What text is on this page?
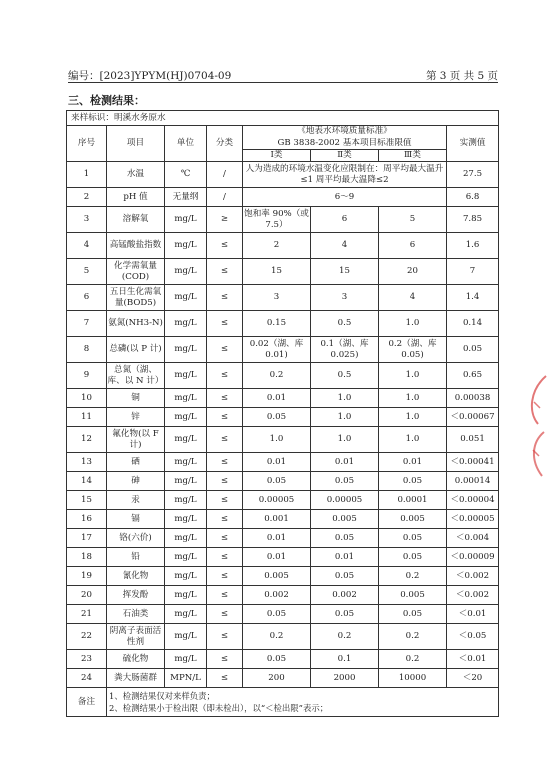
编号：[2023]YPYM(HJ)0704-09	第 3 页 共 5 页
三、检测结果：
来样标识：明溪水务原水							
序号	项目	单位	分类	《地表水环境质量标准》			实测值
				GB 3838-2002 基本项目标准限值			
				Ⅰ类	Ⅱ类	Ⅲ类	
1	水温	℃	/	人为造成的环境水温变化应限制在：周平均最大温升≤1 周平均最大温降≤2			27.5
2	pH 值	无量纲	/	6～9			6.8
3	溶解氧	mg/L	≥	饱和率 90%（或 7.5）	6	5	7.85
4	高锰酸盐指数	mg/L	≤	2	4	6	1.6
5	化学需氧量(COD)	mg/L	≤	15	15	20	7
6	五日生化需氧量(BOD5)	mg/L	≤	3	3	4	1.4
7	氨氮(NH3-N)	mg/L	≤	0.15	0.5	1.0	0.14
8	总磷(以 P 计)	mg/L	≤	0.02（湖、库 0.01)	0.1（湖、库 0.025)	0.2（湖、库 0.05)	0.05
9	总氮（湖、库、以 N 计）	mg/L	≤	0.2	0.5	1.0	0.65
10	铜	mg/L	≤	0.01	1.0	1.0	0.00038
11	锌	mg/L	≤	0.05	1.0	1.0	＜0.00067
12	氟化物(以 F 计)	mg/L	≤	1.0	1.0	1.0	0.051
13	硒	mg/L	≤	0.01	0.01	0.01	＜0.00041
14	砷	mg/L	≤	0.05	0.05	0.05	0.00014
15	汞	mg/L	≤	0.00005	0.00005	0.0001	＜0.00004
16	镉	mg/L	≤	0.001	0.005	0.005	＜0.00005
17	铬(六价)	mg/L	≤	0.01	0.05	0.05	＜0.004
18	铅	mg/L	≤	0.01	0.01	0.05	＜0.00009
19	氰化物	mg/L	≤	0.005	0.05	0.2	＜0.002
20	挥发酚	mg/L	≤	0.002	0.002	0.005	＜0.002
21	石油类	mg/L	≤	0.05	0.05	0.05	＜0.01
22	阴离子表面活性剂	mg/L	≤	0.2	0.2	0.2	＜0.05
23	硫化物	mg/L	≤	0.05	0.1	0.2	＜0.01
24	粪大肠菌群	MPN/L	≤	200	2000	10000	＜20
备注	1、检测结果仅对来样负责；
2、检测结果小于检出限（即未检出），以“＜检出限”表示；						
